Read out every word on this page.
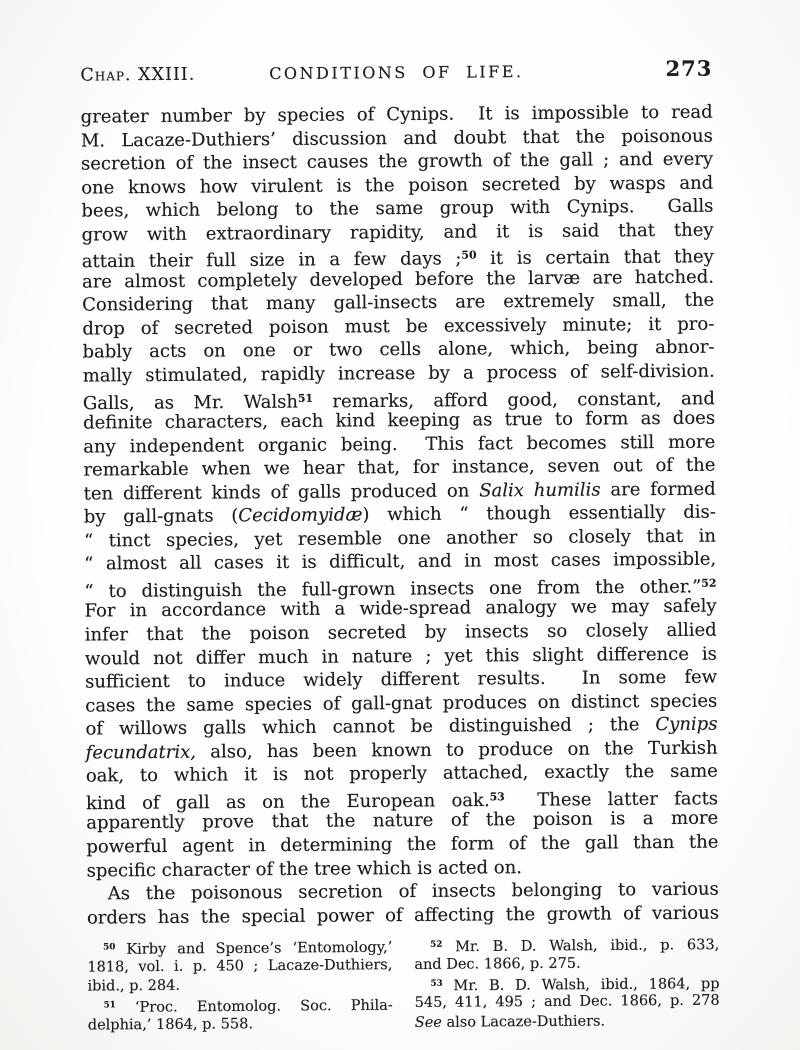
Chap. XXIII.	CONDITIONS OF LIFE.	273
greater number by species of Cynips.  It is impossible to read
M. Lacaze-Duthiers’ discussion and doubt that the poisonous
secretion of the insect causes the growth of the gall ; and every
one knows how virulent is the poison secreted by wasps and
bees, which belong to the same group with Cynips.  Galls
grow with extraordinary rapidity, and it is said that they
attain their full size in a few days ;$^{50}$ it is certain that they
are almost completely developed before the larvæ are hatched.
Considering that many gall-insects are extremely small, the
drop of secreted poison must be excessively minute; it pro-
bably acts on one or two cells alone, which, being abnor-
mally stimulated, rapidly increase by a process of self-division.
Galls, as Mr. Walsh$^{51}$ remarks, afford good, constant, and
definite characters, each kind keeping as true to form as does
any independent organic being.  This fact becomes still more
remarkable when we hear that, for instance, seven out of the
ten different kinds of galls produced on Salix humilis are formed
by gall-gnats (Cecidomyidæ) which “ though essentially dis-
“ tinct species, yet resemble one another so closely that in
“ almost all cases it is difficult, and in most cases impossible,
“ to distinguish the full-grown insects one from the other.”$^{52}$
For in accordance with a wide-spread analogy we may safely
infer that the poison secreted by insects so closely allied
would not differ much in nature ; yet this slight difference is
sufficient to induce widely different results.  In some few
cases the same species of gall-gnat produces on distinct species
of willows galls which cannot be distinguished ; the Cynips
fecundatrix, also, has been known to produce on the Turkish
oak, to which it is not properly attached, exactly the same
kind of gall as on the European oak.$^{53}$  These latter facts
apparently prove that the nature of the poison is a more
powerful agent in determining the form of the gall than the
specific character of the tree which is acted on.
As the poisonous secretion of insects belonging to various
orders has the special power of affecting the growth of various
$^{50}$ Kirby and Spence’s ‘Entomology,’
1818, vol. i. p. 450 ; Lacaze-Duthiers,
ibid., p. 284.
$^{51}$ ‘Proc. Entomolog. Soc. Phila-
delphia,’ 1864, p. 558.
$^{52}$ Mr. B. D. Walsh, ibid., p. 633,
and Dec. 1866, p. 275.
$^{53}$ Mr. B. D. Walsh, ibid., 1864, pp
545, 411, 495 ; and Dec. 1866, p. 278
See also Lacaze-Duthiers.
